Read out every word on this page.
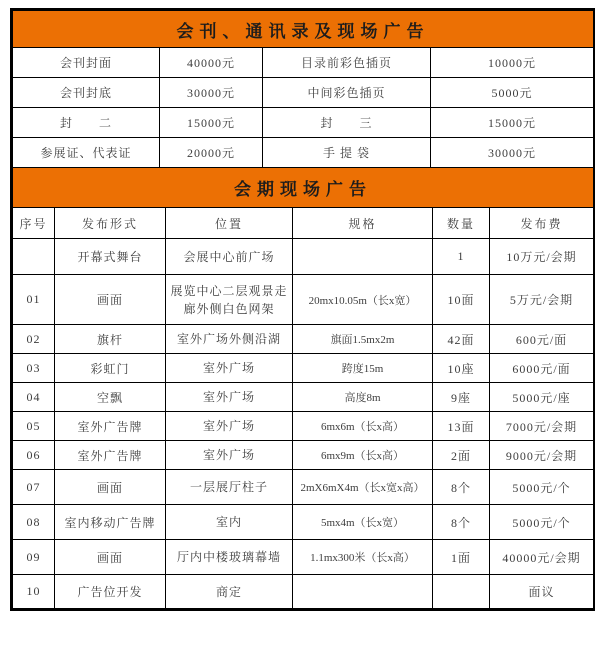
会刊、通讯录及现场广告			
会刊封面	40000元	目录前彩色插页	10000元
会刊封底	30000元	中间彩色插页	5000元
封　　二	15000元	封　　三	15000元
参展证、代表证	20000元	手 提 袋	30000元
会期现场广告					
序号	发布形式	位置	规格	数量	发布费
	开幕式舞台	会展中心前广场		1	10万元/会期
01	画面	展览中心二层观景走廊外侧白色网架	20mx10.05m（长x宽）	10面	5万元/会期
02	旗杆	室外广场外侧沿湖	旗面1.5mx2m	42面	600元/面
03	彩虹门	室外广场	跨度15m	10座	6000元/面
04	空飘	室外广场	高度8m	9座	5000元/座
05	室外广告牌	室外广场	6mx6m（长x高）	13面	7000元/会期
06	室外广告牌	室外广场	6mx9m（长x高）	2面	9000元/会期
07	画面	一层展厅柱子	2mX6mX4m（长x宽x高）	8个	5000元/个
08	室内移动广告牌	室内	5mx4m（长x宽）	8个	5000元/个
09	画面	厅内中楼玻璃幕墙	1.1mx300米（长x高）	1面	40000元/会期
10	广告位开发	商定			面议
